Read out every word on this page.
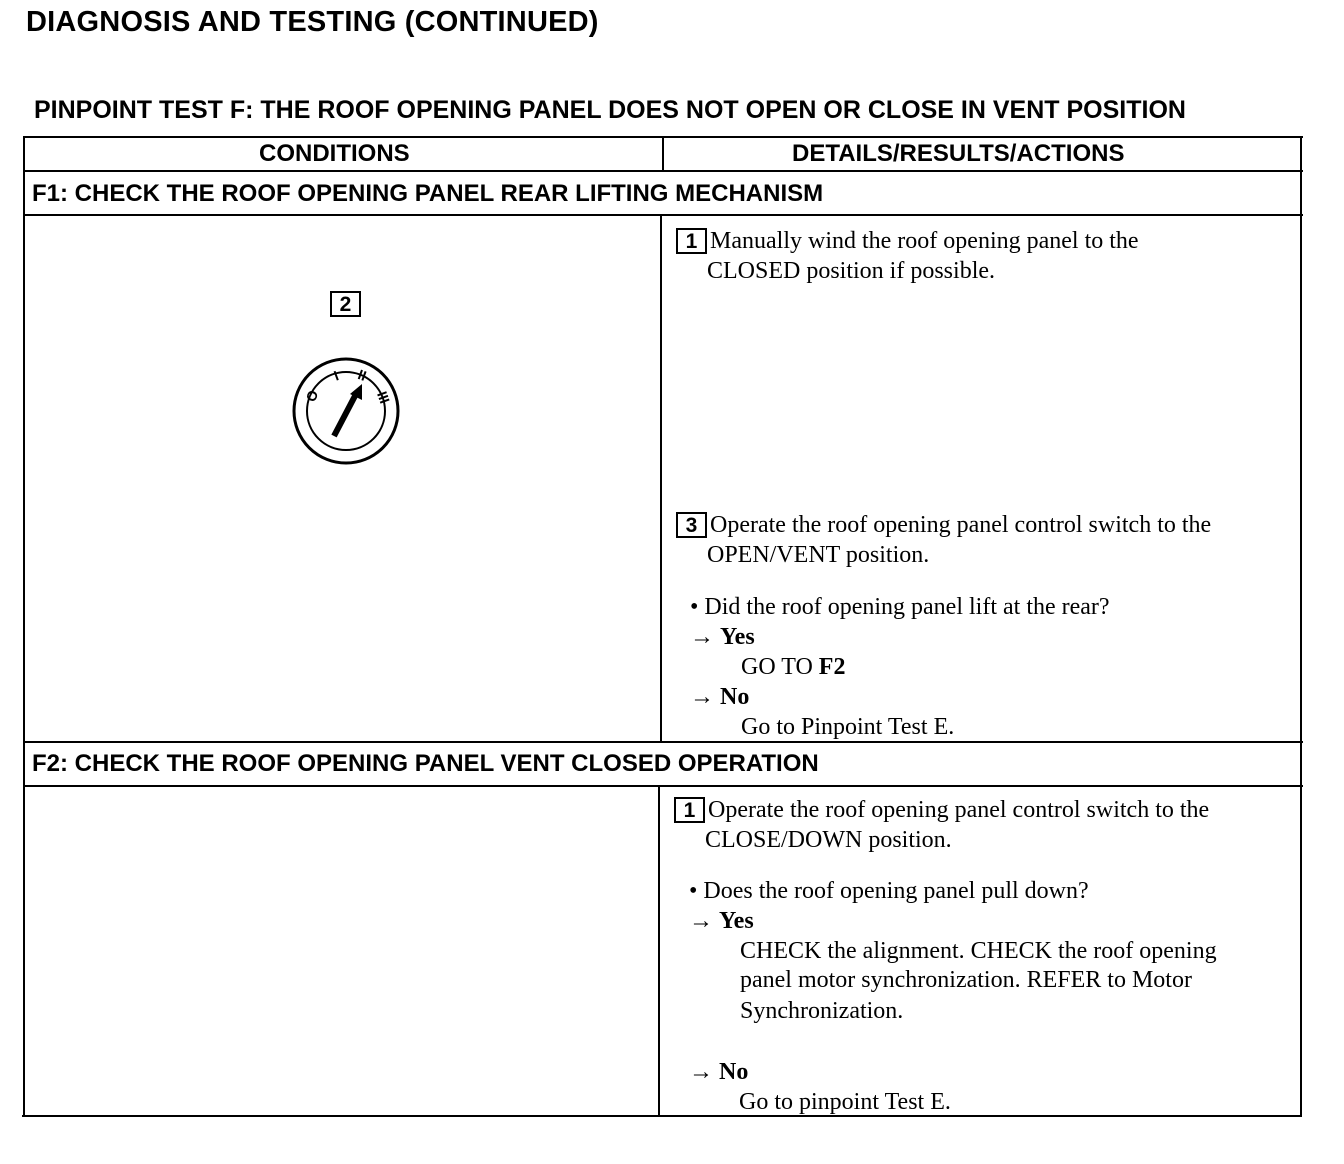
DIAGNOSIS AND TESTING (CONTINUED)
PINPOINT TEST F: THE ROOF OPENING PANEL DOES NOT OPEN OR CLOSE IN VENT POSITION
CONDITIONS	DETAILS/RESULTS/ACTIONS
F1: CHECK THE ROOF OPENING PANEL REAR LIFTING MECHANISM
2
O
I II
III
1 Manually wind the roof opening panel to the
CLOSED position if possible.
3 Operate the roof opening panel control switch to the
OPEN/VENT position.
• Did the roof opening panel lift at the rear?
→ Yes
GO TO F2
→ No
Go to Pinpoint Test E.
F2: CHECK THE ROOF OPENING PANEL VENT CLOSED OPERATION
1 Operate the roof opening panel control switch to the
CLOSE/DOWN position.
• Does the roof opening panel pull down?
→ Yes
CHECK the alignment. CHECK the roof opening
panel motor synchronization. REFER to Motor
Synchronization.
→ No
Go to pinpoint Test E.
